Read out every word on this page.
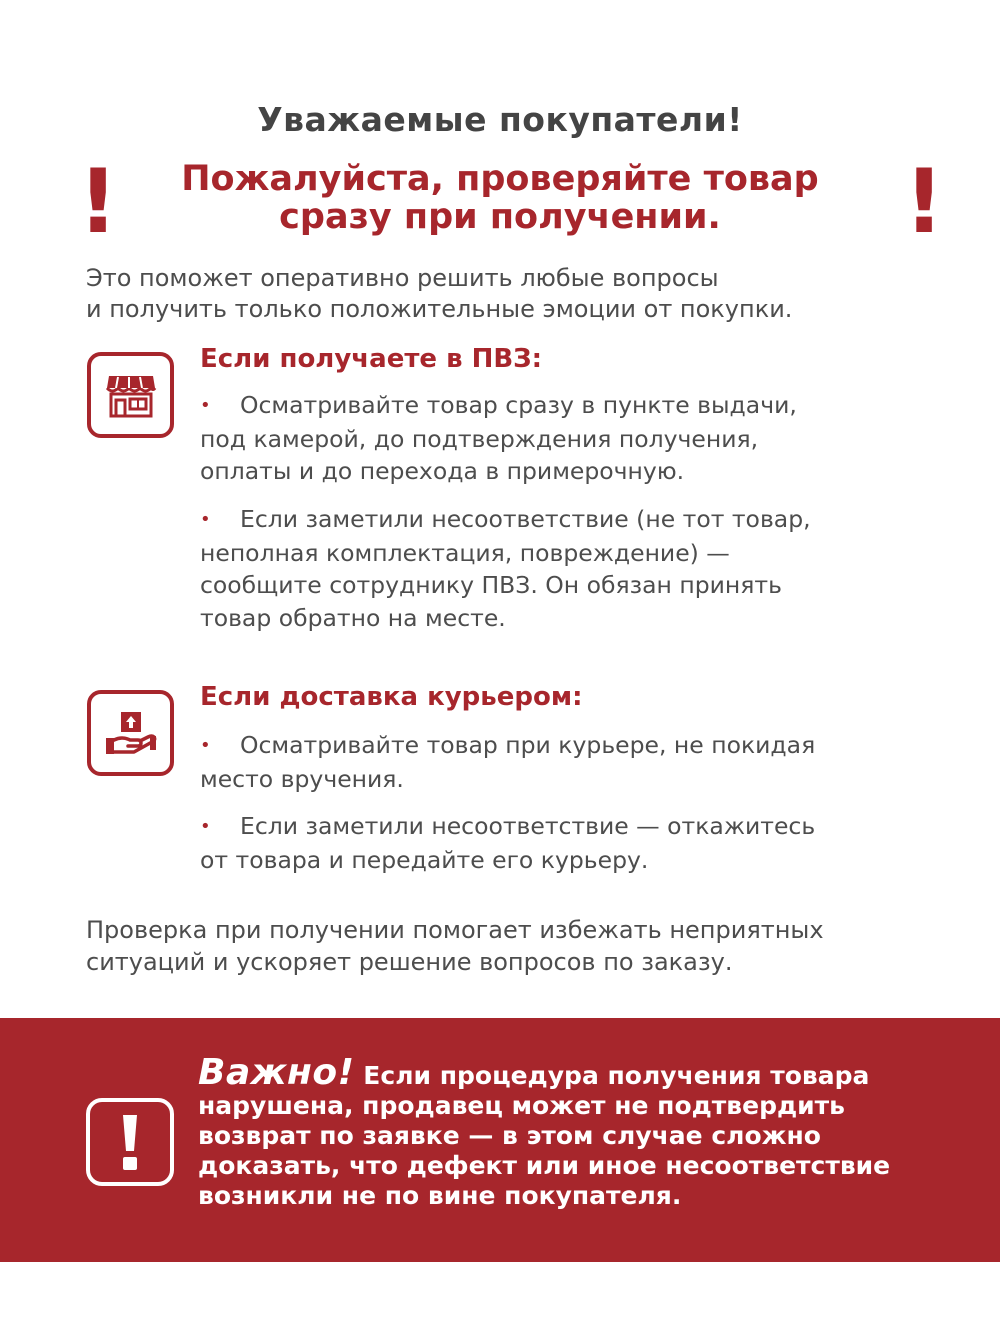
Уважаемые покупатели!
!	Пожалуйста, проверяйте товар
сразу при получении.	!
Это поможет оперативно решить любые вопросы
и получить только положительные эмоции от покупки.
Если получаете в ПВЗ:
• Осматривайте товар сразу в пункте выдачи,
под камерой, до подтверждения получения,
оплаты и до перехода в примерочную.
• Если заметили несоответствие (не тот товар,
неполная комплектация, повреждение) —
сообщите сотруднику ПВЗ. Он обязан принять
товар обратно на месте.
Если доставка курьером:
• Осматривайте товар при курьере, не покидая
место вручения.
• Если заметили несоответствие — откажитесь
от товара и передайте его курьеру.
Проверка при получении помогает избежать неприятных
ситуаций и ускоряет решение вопросов по заказу.
Важно! Если процедура получения товара
нарушена, продавец может не подтвердить
возврат по заявке — в этом случае сложно
доказать, что дефект или иное несоответствие
возникли не по вине покупателя.
